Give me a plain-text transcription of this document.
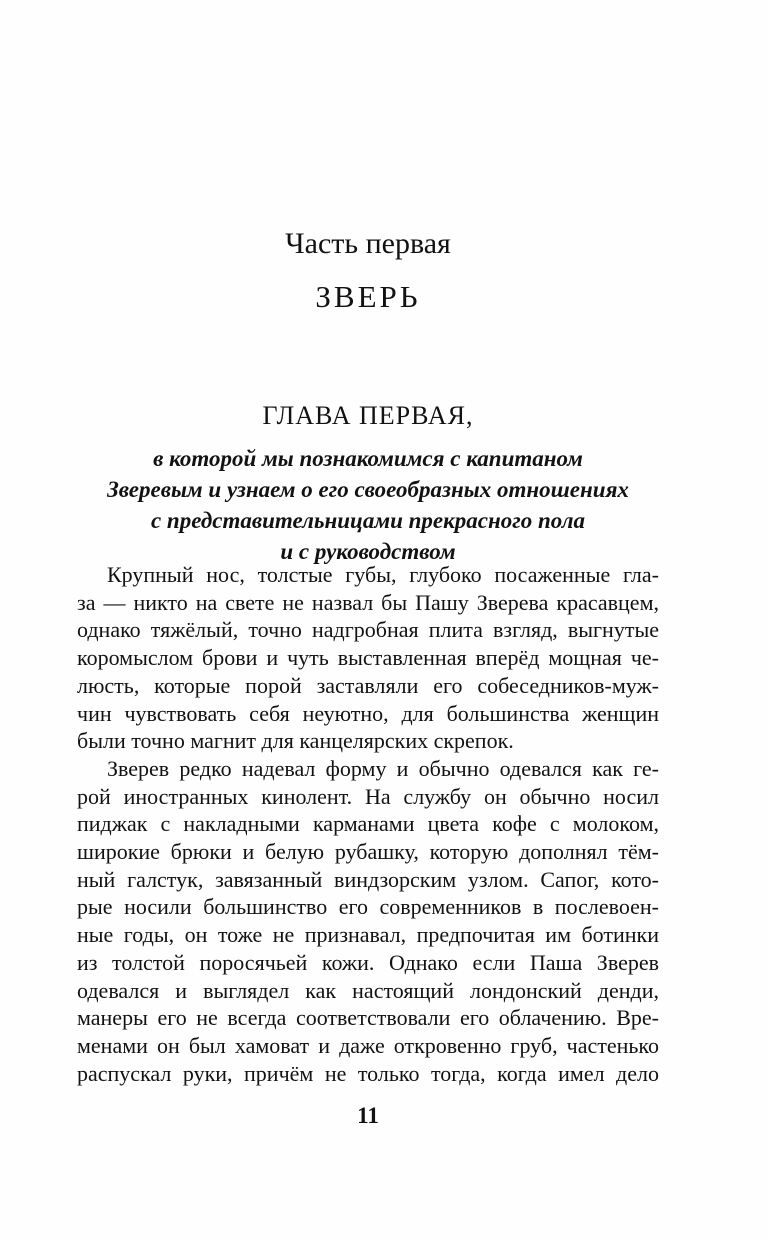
Часть первая
ЗВЕРЬ
ГЛАВА ПЕРВАЯ,
в которой мы познакомимся с капитаном
Зверевым и узнаем о его своеобразных отношениях
с представительницами прекрасного пола
и с руководством
Крупный нос, толстые губы, глубоко посаженные гла-
за — никто на свете не назвал бы Пашу Зверева красавцем,
однако тяжёлый, точно надгробная плита взгляд, выгнутые
коромыслом брови и чуть выставленная вперёд мощная че-
люсть, которые порой заставляли его собеседников-муж-
чин чувствовать себя неуютно, для большинства женщин
были точно магнит для канцелярских скрепок.
Зверев редко надевал форму и обычно одевался как ге-
рой иностранных кинолент. На службу он обычно носил
пиджак с накладными карманами цвета кофе с молоком,
широкие брюки и белую рубашку, которую дополнял тём-
ный галстук, завязанный виндзорским узлом. Сапог, кото-
рые носили большинство его современников в послевоен-
ные годы, он тоже не признавал, предпочитая им ботинки
из толстой поросячьей кожи. Однако если Паша Зверев
одевался и выглядел как настоящий лондонский денди,
манеры его не всегда соответствовали его облачению. Вре-
менами он был хамоват и даже откровенно груб, частенько
распускал руки, причём не только тогда, когда имел дело
11
